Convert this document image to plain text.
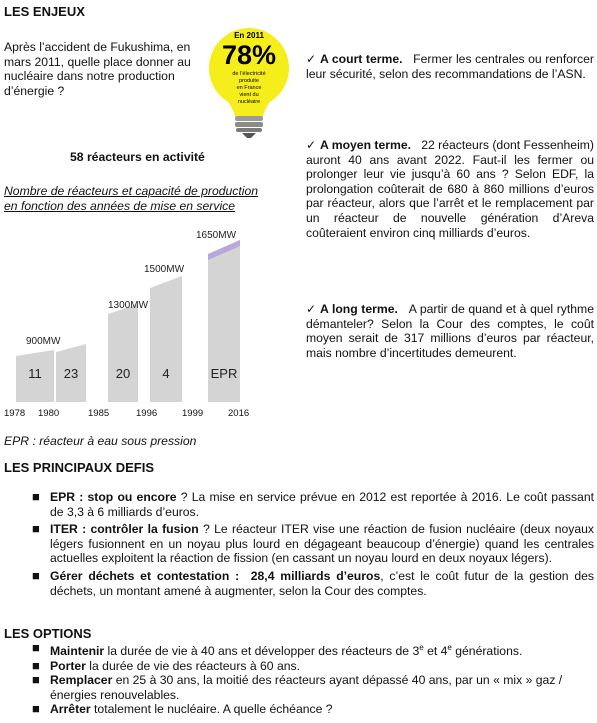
LES ENJEUX
Après l’accident de Fukushima, en mars 2011, quelle place donner au nucléaire dans notre production d’énergie ?
En 2011
78%
de l’électricité
produite
en France
vient du
nucléaire
58 réacteurs en activité
Nombre de réacteurs et capacité de production
en fonction des années de mise en service
11 23	20 4	EPR
900MW
1300MW
1500MW
1650MW
1978 1980	1985	1996	1999	2016
EPR : réacteur à eau sous pression
✓ A court terme. Fermer les centrales ou renforcer leur sécurité, selon des recommandations de l’ASN.
✓ A moyen terme. 22 réacteurs (dont Fessenheim) auront 40 ans avant 2022. Faut-il les fermer ou prolonger leur vie jusqu’à 60 ans ? Selon EDF, la prolongation coûterait de 680 à 860 millions d’euros par réacteur, alors que l’arrêt et le remplacement par un réacteur de nouvelle génération d’Areva coûteraient environ cinq milliards d’euros.
✓ A long terme. A partir de quand et à quel rythme démanteler? Selon la Cour des comptes, le coût moyen serait de 317 millions d’euros par réacteur, mais nombre d’incertitudes demeurent.
LES PRINCIPAUX DEFIS
■ EPR : stop ou encore ? La mise en service prévue en 2012 est reportée à 2016. Le coût passant de 3,3 à 6 milliards d’euros.
■ ITER : contrôler la fusion ? Le réacteur ITER vise une réaction de fusion nucléaire (deux noyaux légers fusionnent en un noyau plus lourd en dégageant beaucoup d’énergie) quand les centrales actuelles exploitent la réaction de fission (en cassant un noyau lourd en deux noyaux légers).
■ Gérer déchets et contestation : 28,4 milliards d’euros, c’est le coût futur de la gestion des déchets, un montant amené à augmenter, selon la Cour des comptes.
LES OPTIONS
■ Maintenir la durée de vie à 40 ans et développer des réacteurs de 3e et 4e générations.
■ Porter la durée de vie des réacteurs à 60 ans.
■ Remplacer en 25 à 30 ans, la moitié des réacteurs ayant dépassé 40 ans, par un « mix » gaz / énergies renouvelables.
■ Arrêter totalement le nucléaire. A quelle échéance ?
